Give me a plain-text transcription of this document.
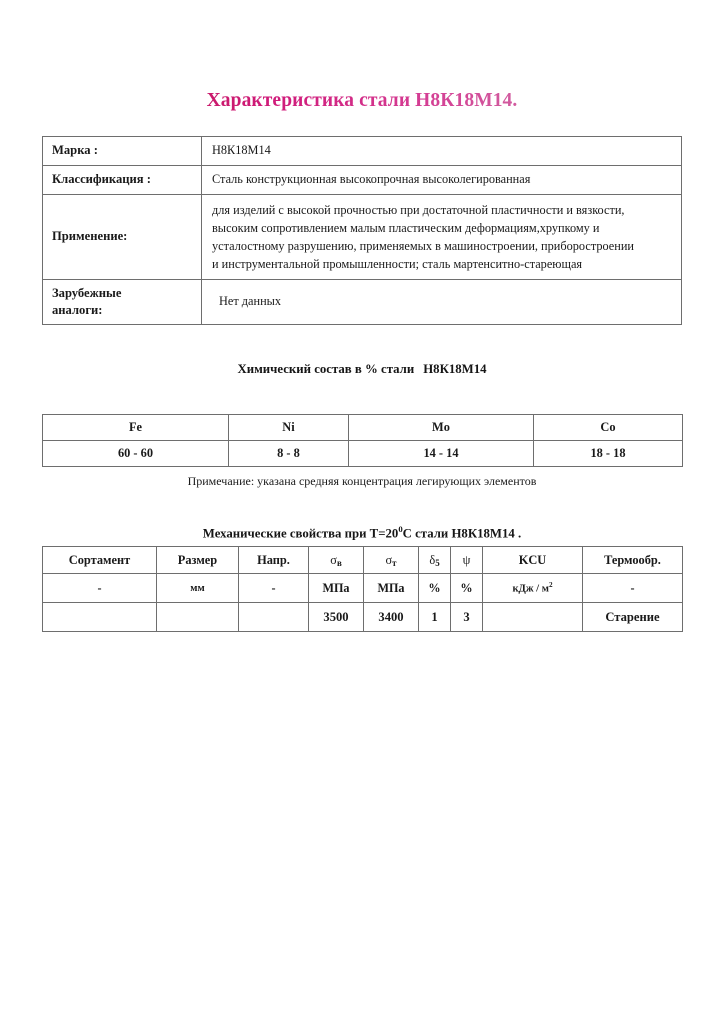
Характеристика стали Н8К18М14.
Марка :	Н8К18М14
Классификация :	Сталь конструкционная высокопрочная высоколегированная
Применение:	для изделий с высокой прочностью при достаточной пластичности и вязкости,
высоким сопротивлением малым пластическим деформациям,хрупкому и
усталостному разрушению, применяемых в машиностроении, приборостроении
и инструментальной промышленности; сталь мартенситно-стареющая

Зарубежные
аналоги:	Нет данных
Химический состав в % стали Н8К18М14
Fe	Ni	Mo	Co
60 - 60	8 - 8	14 - 14	18 - 18
Примечание: указана средняя концентрация легирующих элементов
Механические свойства при $T=20^0C$ стали Н8К18М14 .
Сортамент	Размер	Напр.	$\sigma_в$	$\sigma_т$	$\delta_5$	ψ	KCU	Термообр.
-	мм	-	МПа	МПа	%	%	кДж / $м^2$	-
			3500	3400	1	3		Старение
